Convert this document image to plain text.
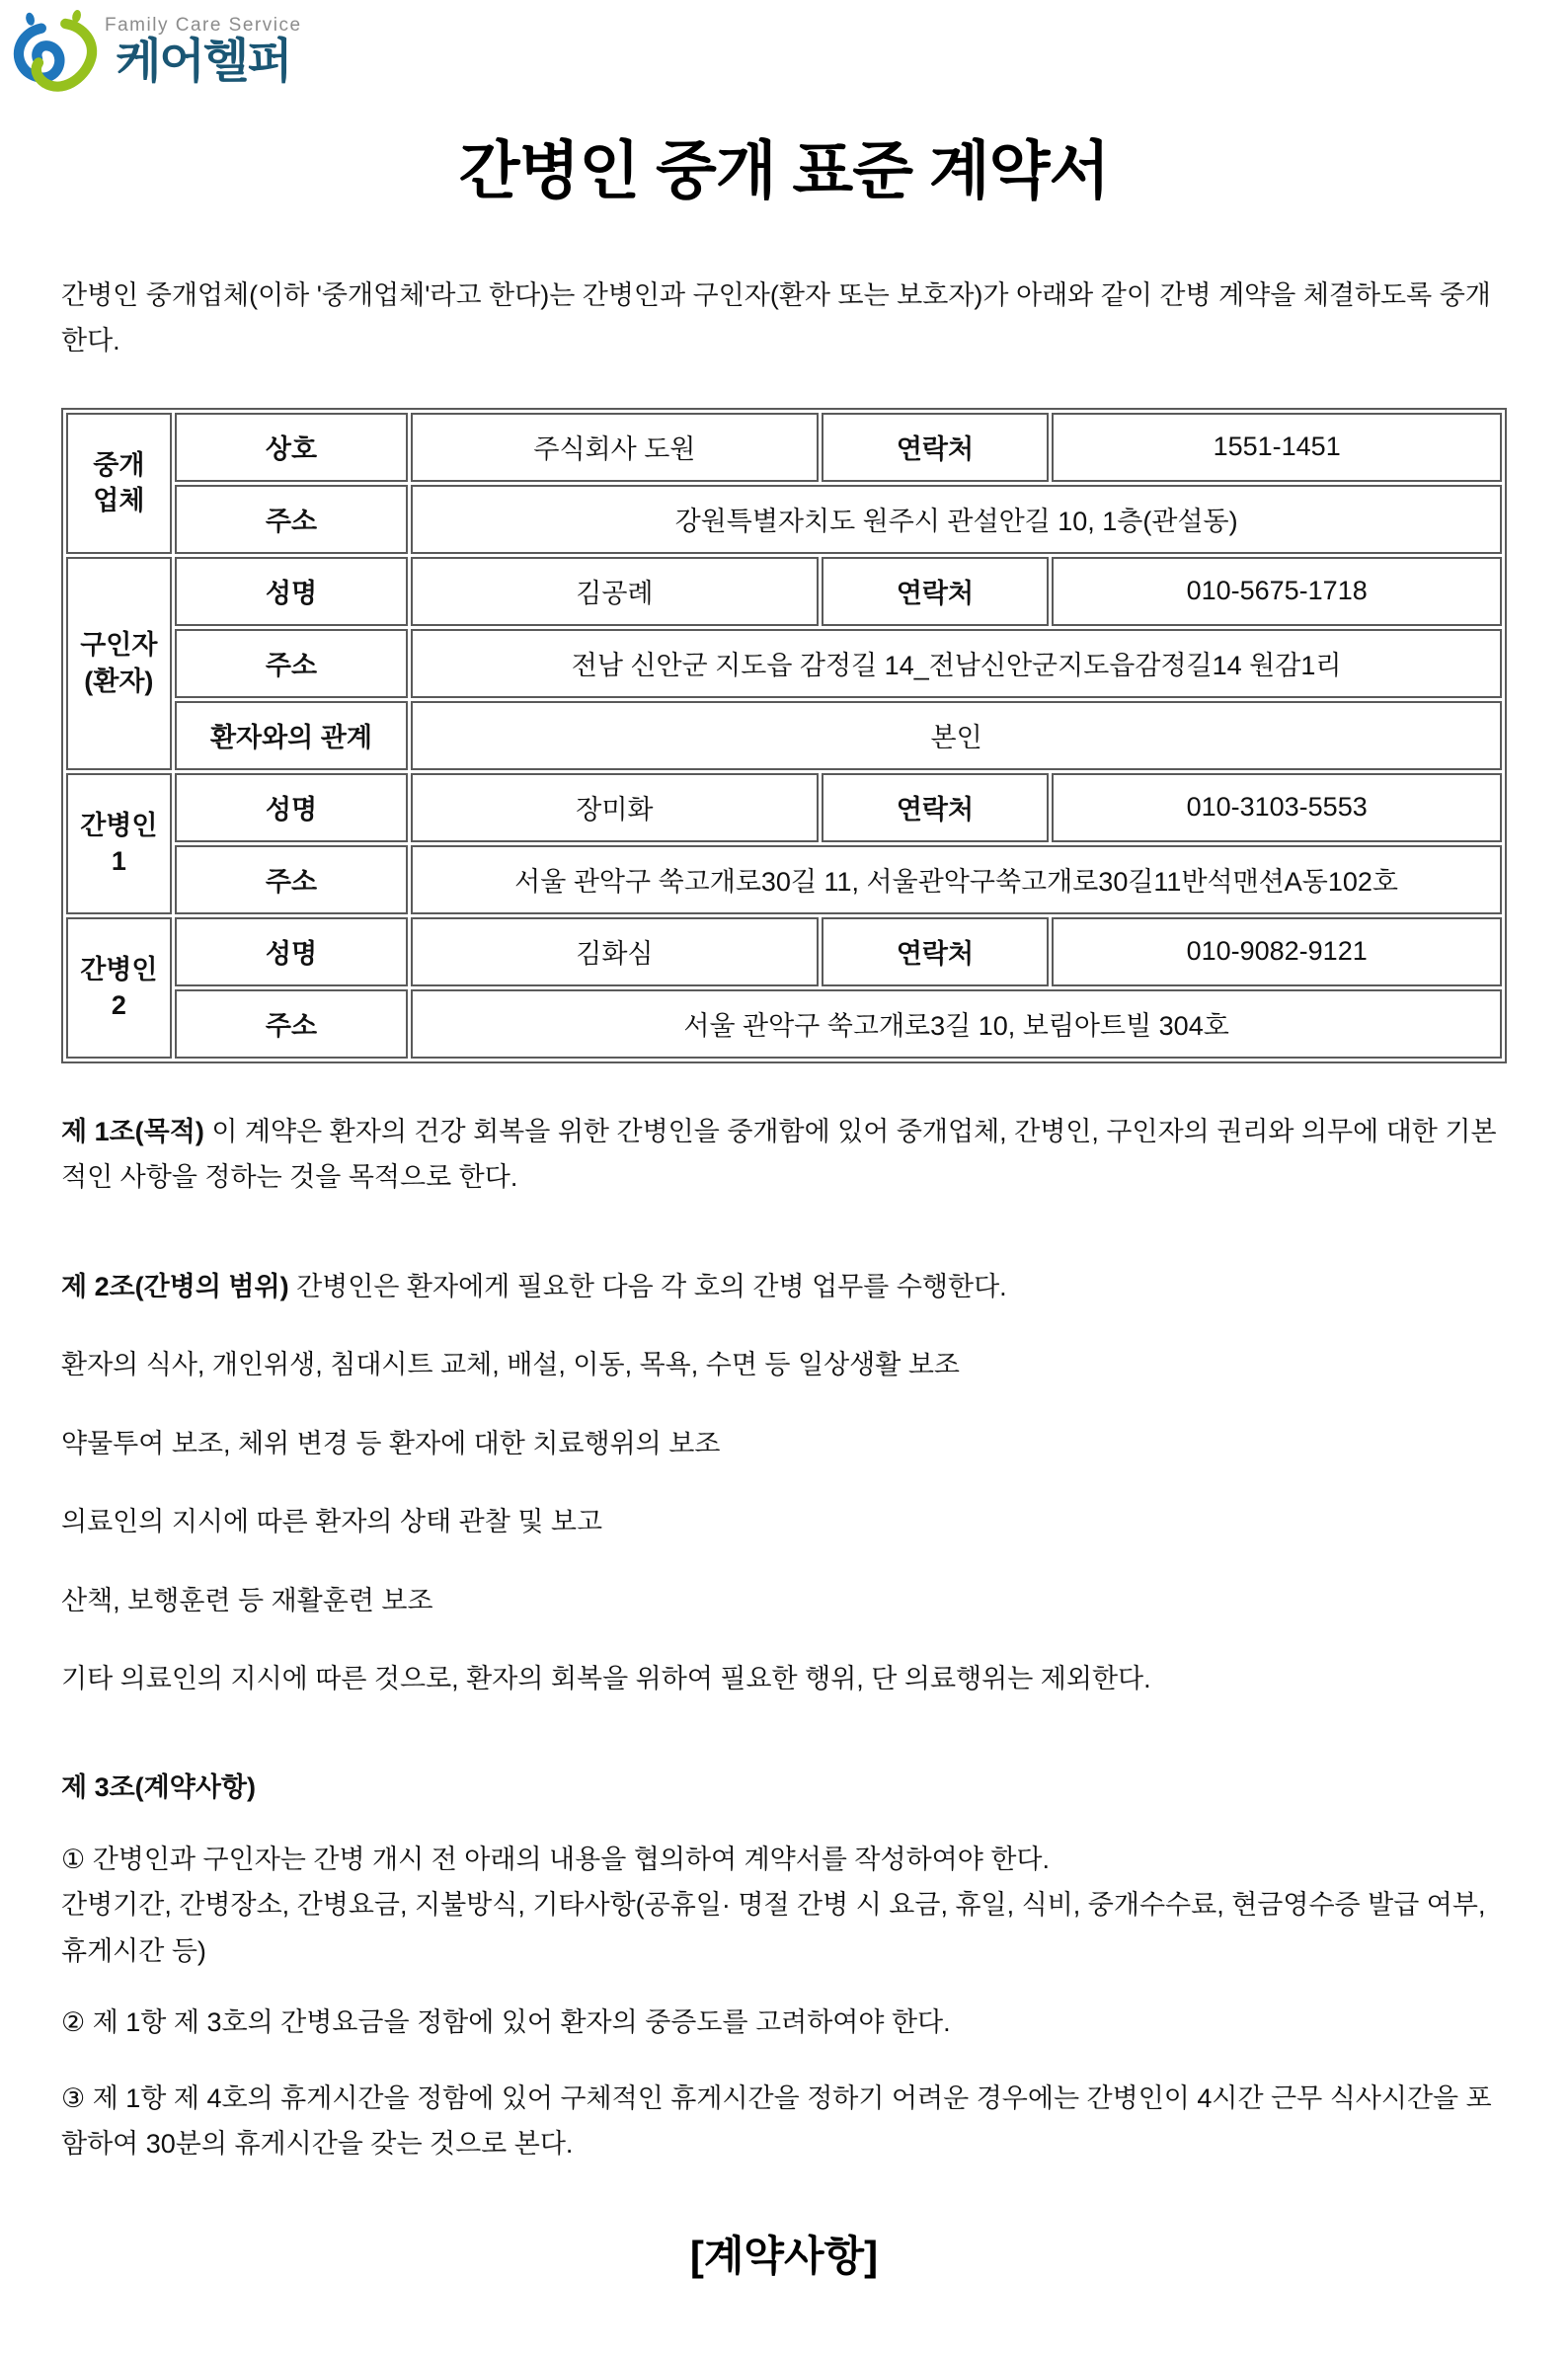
Family Care Service
케어헬퍼
간병인 중개 표준 계약서

간병인 중개업체(이하 '중개업체'라고 한다)는 간병인과 구인자(환자 또는 보호자)가 아래와 같이 간병 계약을 체결하도록 중개한다.

중개
업체	상호	주식회사 도원	연락처	1551-1451
	주소	강원특별자치도 원주시 관설안길 10, 1층(관설동)		
구인자
(환자)	성명	김공례	연락처	010-5675-1718
	주소	전남 신안군 지도읍 감정길 14_전남신안군지도읍감정길14 원감1리		
	환자와의 관계	본인		
간병인1	성명	장미화	연락처	010-3103-5553
	주소	서울 관악구 쑥고개로30길 11, 서울관악구쑥고개로30길11반석맨션A동102호		
간병인2	성명	김화심	연락처	010-9082-9121
	주소	서울 관악구 쑥고개로3길 10, 보림아트빌 304호		

제 1조(목적) 이 계약은 환자의 건강 회복을 위한 간병인을 중개함에 있어 중개업체, 간병인, 구인자의 권리와 의무에 대한 기본적인 사항을 정하는 것을 목적으로 한다.

제 2조(간병의 범위) 간병인은 환자에게 필요한 다음 각 호의 간병 업무를 수행한다.

환자의 식사, 개인위생, 침대시트 교체, 배설, 이동, 목욕, 수면 등 일상생활 보조

약물투여 보조, 체위 변경 등 환자에 대한 치료행위의 보조

의료인의 지시에 따른 환자의 상태 관찰 및 보고

산책, 보행훈련 등 재활훈련 보조

기타 의료인의 지시에 따른 것으로, 환자의 회복을 위하여 필요한 행위, 단 의료행위는 제외한다.

제 3조(계약사항)

① 간병인과 구인자는 간병 개시 전 아래의 내용을 협의하여 계약서를 작성하여야 한다.

간병기간, 간병장소, 간병요금, 지불방식, 기타사항(공휴일· 명절 간병 시 요금, 휴일, 식비, 중개수수료, 현금영수증 발급 여부, 휴게시간 등)

② 제 1항 제 3호의 간병요금을 정함에 있어 환자의 중증도를 고려하여야 한다.

③ 제 1항 제 4호의 휴게시간을 정함에 있어 구체적인 휴게시간을 정하기 어려운 경우에는 간병인이 4시간 근무 식사시간을 포함하여 30분의 휴게시간을 갖는 것으로 본다.

[계약사항]
